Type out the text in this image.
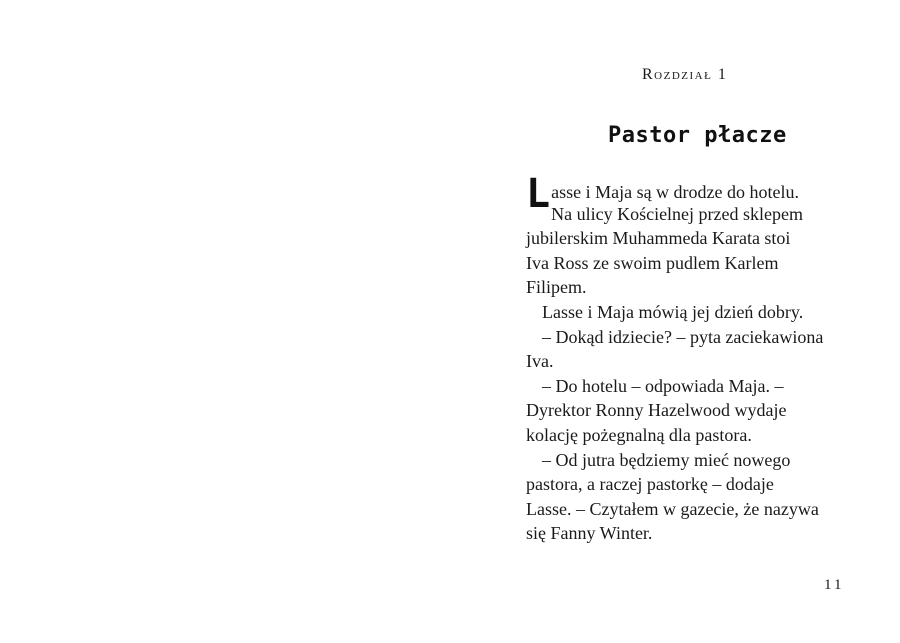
Rozdział 1
Pastor płacze
L asse i Maja są w drodze do hotelu.
Na ulicy Kościelnej przed sklepem
jubilerskim Muhammeda Karata stoi
Iva Ross ze swoim pudlem Karlem
Filipem.
Lasse i Maja mówią jej dzień dobry.
– Dokąd idziecie? – pyta zaciekawiona
Iva.
– Do hotelu – odpowiada Maja. –
Dyrektor Ronny Hazelwood wydaje
kolację pożegnalną dla pastora.
– Od jutra będziemy mieć nowego
pastora, a raczej pastorkę – dodaje
Lasse. – Czytałem w gazecie, że nazywa
się Fanny Winter.
11
